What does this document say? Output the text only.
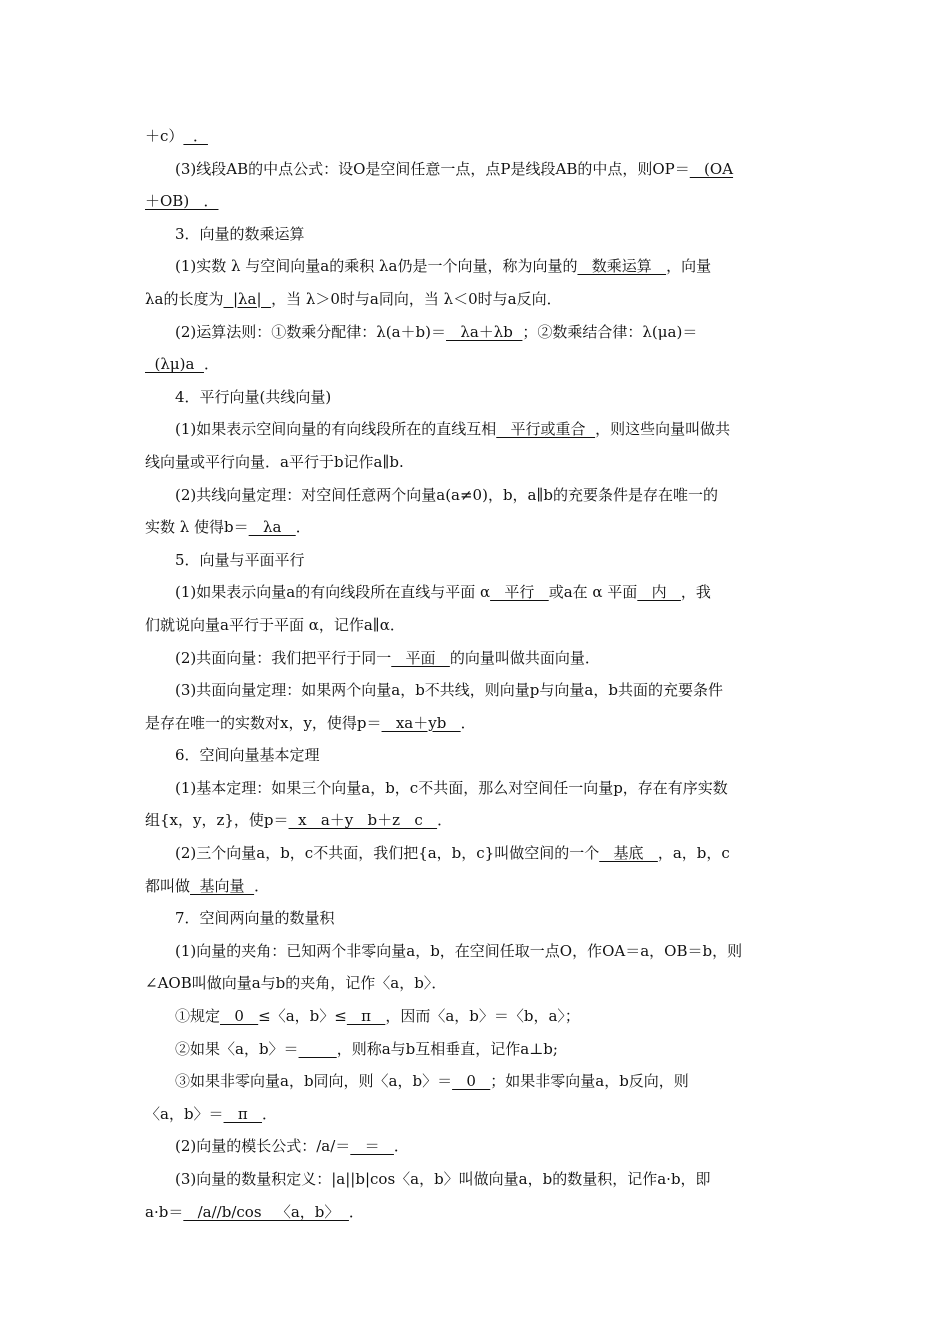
＋c）  ．
(3)线段AB的中点公式：设O是空间任意一点，点P是线段AB的中点，则OP＝   (OA
＋OB)   ．
3．向量的数乘运算
(1)实数 λ 与空间向量a的乘积 λa仍是一个向量，称为向量的   数乘运算   ，向量
λa的长度为  |λa|  ，当 λ＞0时与a同向，当 λ＜0时与a反向．
(2)运算法则：①数乘分配律：λ(a＋b)＝   λa＋λb  ；②数乘结合律：λ(μa)＝
(λμ)a  ．
4．平行向量(共线向量)
(1)如果表示空间向量的有向线段所在的直线互相   平行或重合  ，则这些向量叫做共
线向量或平行向量．a平行于b记作a∥b.
(2)共线向量定理：对空间任意两个向量a(a≠0)，b，a∥b的充要条件是存在唯一的
实数 λ 使得b＝   λa   ．
5．向量与平面平行
(1)如果表示向量a的有向线段所在直线与平面 α   平行   或a在 α 平面   内   ，我
们就说向量a平行于平面 α，记作a∥α．
(2)共面向量：我们把平行于同一   平面   的向量叫做共面向量．
(3)共面向量定理：如果两个向量a，b不共线，则向量p与向量a，b共面的充要条件
是存在唯一的实数对x，y，使得p＝   xa＋yb   ．
6．空间向量基本定理
(1)基本定理：如果三个向量a，b，c不共面，那么对空间任一向量p，存在有序实数
组{x，y，z}，使p＝  x   a＋y   b＋z   c   ．
(2)三个向量a，b，c不共面，我们把{a，b，c}叫做空间的一个   基底   ，a，b，c
都叫做  基向量  ．
7．空间两向量的数量积
(1)向量的夹角：已知两个非零向量a，b，在空间任取一点O，作OA＝a，OB＝b，则
∠AOB叫做向量a与b的夹角，记作〈a，b〉．
①规定   0   ≤〈a，b〉≤   π   ，因而〈a，b〉＝〈b，a〉；
②如果〈a，b〉＝	，则称a与b互相垂直，记作a⊥b;
③如果非零向量a，b同向，则〈a，b〉＝   0   ；如果非零向量a，b反向，则
〈a，b〉＝   π   ．
(2)向量的模长公式：/a/＝   ＝   ．
(3)向量的数量积定义：|a||b|cos〈a，b〉叫做向量a，b的数量积，记作a·b，即
a·b＝   /a//b/cos   〈a，b〉  ．
